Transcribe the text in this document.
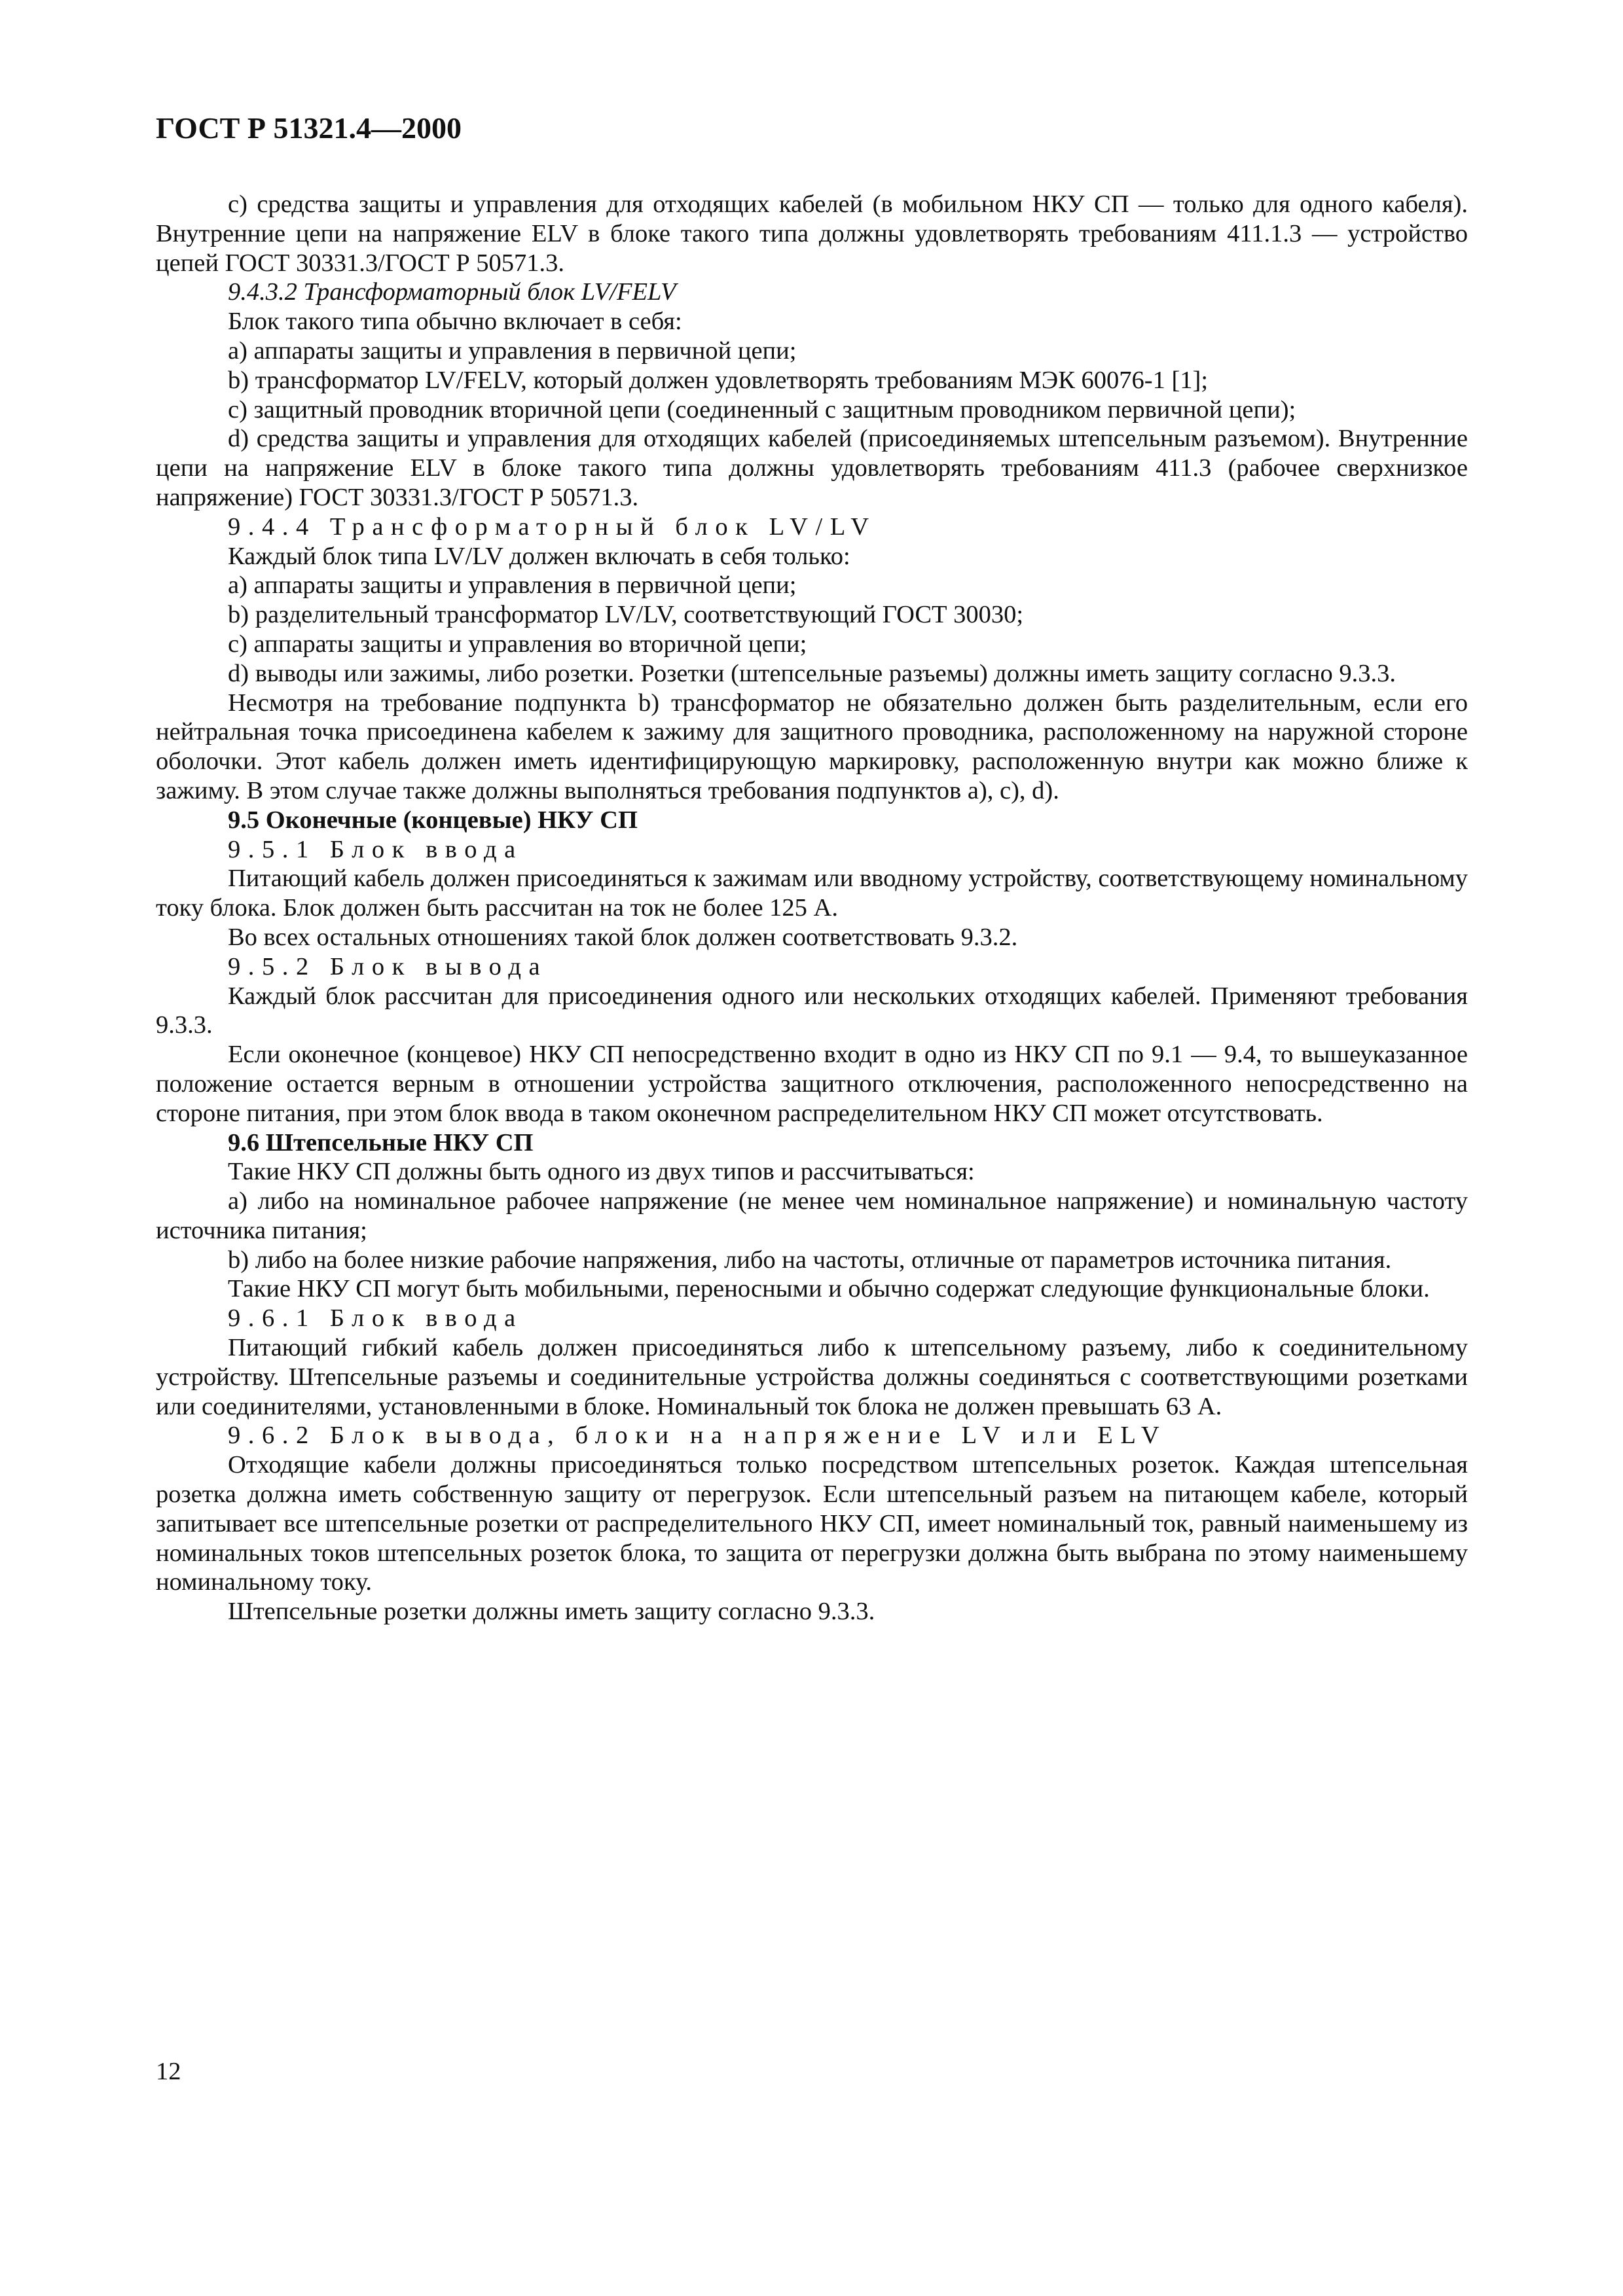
ГОСТ Р 51321.4—2000

c) средства защиты и управления для отходящих кабелей (в мобильном НКУ СП — только для одного кабеля). Внутренние цепи на напряжение ELV в блоке такого типа должны удовлетворять требованиям 411.1.3 — устройство цепей ГОСТ 30331.3/ГОСТ Р 50571.3.

9.4.3.2 Трансформаторный блок LV/FELV

Блок такого типа обычно включает в себя:

a) аппараты защиты и управления в первичной цепи;

b) трансформатор LV/FELV, который должен удовлетворять требованиям МЭК 60076-1 [1];

c) защитный проводник вторичной цепи (соединенный с защитным проводником первичной цепи);

d) средства защиты и управления для отходящих кабелей (присоединяемых штепсельным разъемом). Внутренние цепи на напряжение ELV в блоке такого типа должны удовлетворять требованиям 411.3 (рабочее сверхнизкое напряжение) ГОСТ 30331.3/ГОСТ Р 50571.3.

9.4.4 Трансформаторный блок LV/LV

Каждый блок типа LV/LV должен включать в себя только:

a) аппараты защиты и управления в первичной цепи;

b) разделительный трансформатор LV/LV, соответствующий ГОСТ 30030;

c) аппараты защиты и управления во вторичной цепи;

d) выводы или зажимы, либо розетки. Розетки (штепсельные разъемы) должны иметь защиту согласно 9.3.3.

Несмотря на требование подпункта b) трансформатор не обязательно должен быть разделительным, если его нейтральная точка присоединена кабелем к зажиму для защитного проводника, расположенному на наружной стороне оболочки. Этот кабель должен иметь идентифицирующую маркировку, расположенную внутри как можно ближе к зажиму. В этом случае также должны выполняться требования подпунктов a), c), d).

9.5 Оконечные (концевые) НКУ СП

9.5.1 Блок ввода

Питающий кабель должен присоединяться к зажимам или вводному устройству, соответствующему номинальному току блока. Блок должен быть рассчитан на ток не более 125 А.

Во всех остальных отношениях такой блок должен соответствовать 9.3.2.

9.5.2 Блок вывода

Каждый блок рассчитан для присоединения одного или нескольких отходящих кабелей. Применяют требования 9.3.3.

Если оконечное (концевое) НКУ СП непосредственно входит в одно из НКУ СП по 9.1 — 9.4, то вышеуказанное положение остается верным в отношении устройства защитного отключения, расположенного непосредственно на стороне питания, при этом блок ввода в таком оконечном распределительном НКУ СП может отсутствовать.

9.6 Штепсельные НКУ СП

Такие НКУ СП должны быть одного из двух типов и рассчитываться:

a) либо на номинальное рабочее напряжение (не менее чем номинальное напряжение) и номинальную частоту источника питания;

b) либо на более низкие рабочие напряжения, либо на частоты, отличные от параметров источника питания.

Такие НКУ СП могут быть мобильными, переносными и обычно содержат следующие функциональные блоки.

9.6.1 Блок ввода

Питающий гибкий кабель должен присоединяться либо к штепсельному разъему, либо к соединительному устройству. Штепсельные разъемы и соединительные устройства должны соединяться с соответствующими розетками или соединителями, установленными в блоке. Номинальный ток блока не должен превышать 63 А.

9.6.2 Блок вывода, блоки на напряжение LV или ELV

Отходящие кабели должны присоединяться только посредством штепсельных розеток. Каждая штепсельная розетка должна иметь собственную защиту от перегрузок. Если штепсельный разъем на питающем кабеле, который запитывает все штепсельные розетки от распределительного НКУ СП, имеет номинальный ток, равный наименьшему из номинальных токов штепсельных розеток блока, то защита от перегрузки должна быть выбрана по этому наименьшему номинальному току.

Штепсельные розетки должны иметь защиту согласно 9.3.3.

12
